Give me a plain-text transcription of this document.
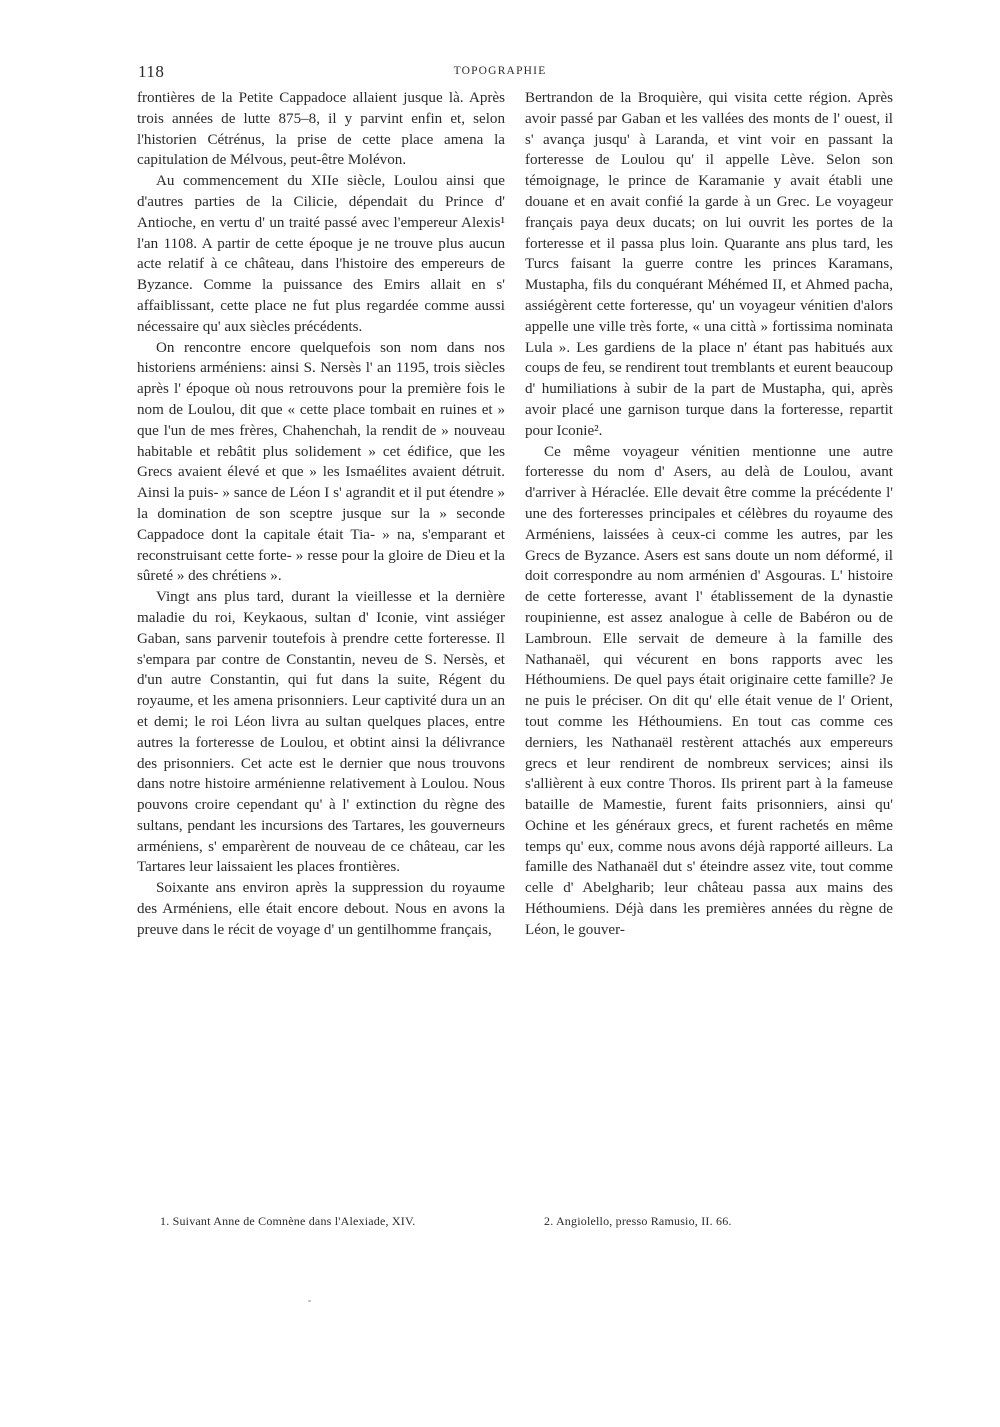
118	TOPOGRAPHIE

frontières de la Petite Cappadoce allaient jusque là. Après trois années de lutte 875–8, il y parvint enfin et, selon l'historien Cétrénus, la prise de cette place amena la capitulation de Mélvous, peut-être Molévon.

Au commencement du XIIe siècle, Loulou ainsi que d'autres parties de la Cilicie, dépendait du Prince d' Antioche, en vertu d' un traité passé avec l'empereur Alexis¹ l'an 1108. A partir de cette époque je ne trouve plus aucun acte relatif à ce château, dans l'histoire des empereurs de Byzance. Comme la puissance des Emirs allait en s' affaiblissant, cette place ne fut plus regardée comme aussi nécessaire qu' aux siècles précédents.

On rencontre encore quelquefois son nom dans nos historiens arméniens: ainsi S. Nersès l' an 1195, trois siècles après l' époque où nous retrouvons pour la première fois le nom de Loulou, dit que « cette place tombait en ruines et » que l'un de mes frères, Chahenchah, la rendit de » nouveau habitable et rebâtit plus solidement » cet édifice, que les Grecs avaient élevé et que » les Ismaélites avaient détruit. Ainsi la puis- » sance de Léon I s' agrandit et il put étendre » la domination de son sceptre jusque sur la » seconde Cappadoce dont la capitale était Tia- » na, s'emparant et reconstruisant cette forte- » resse pour la gloire de Dieu et la sûreté » des chrétiens ».

Vingt ans plus tard, durant la vieillesse et la dernière maladie du roi, Keykaous, sultan d' Iconie, vint assiéger Gaban, sans parvenir toutefois à prendre cette forteresse. Il s'empara par contre de Constantin, neveu de S. Nersès, et d'un autre Constantin, qui fut dans la suite, Régent du royaume, et les amena prisonniers. Leur captivité dura un an et demi; le roi Léon livra au sultan quelques places, entre autres la forteresse de Loulou, et obtint ainsi la délivrance des prisonniers. Cet acte est le dernier que nous trouvons dans notre histoire arménienne relativement à Loulou. Nous pouvons croire cependant qu' à l' extinction du règne des sultans, pendant les incursions des Tartares, les gouverneurs arméniens, s' emparèrent de nouveau de ce château, car les Tartares leur laissaient les places frontières.

Soixante ans environ après la suppression du royaume des Arméniens, elle était encore debout. Nous en avons la preuve dans le récit de voyage d' un gentilhomme français,

Bertrandon de la Broquière, qui visita cette région. Après avoir passé par Gaban et les vallées des monts de l' ouest, il s' avança jusqu' à Laranda, et vint voir en passant la forteresse de Loulou qu' il appelle Lève. Selon son témoignage, le prince de Karamanie y avait établi une douane et en avait confié la garde à un Grec. Le voyageur français paya deux ducats; on lui ouvrit les portes de la forteresse et il passa plus loin. Quarante ans plus tard, les Turcs faisant la guerre contre les princes Karamans, Mustapha, fils du conquérant Méhémed II, et Ahmed pacha, assiégèrent cette forteresse, qu' un voyageur vénitien d'alors appelle une ville très forte, « una città » fortissima nominata Lula ». Les gardiens de la place n' étant pas habitués aux coups de feu, se rendirent tout tremblants et eurent beaucoup d' humiliations à subir de la part de Mustapha, qui, après avoir placé une garnison turque dans la forteresse, repartit pour Iconie².

Ce même voyageur vénitien mentionne une autre forteresse du nom d' Asers, au delà de Loulou, avant d'arriver à Héraclée. Elle devait être comme la précédente l' une des forteresses principales et célèbres du royaume des Arméniens, laissées à ceux-ci comme les autres, par les Grecs de Byzance. Asers est sans doute un nom déformé, il doit correspondre au nom arménien d' Asgouras. L' histoire de cette forteresse, avant l' établissement de la dynastie roupinienne, est assez analogue à celle de Babéron ou de Lambroun. Elle servait de demeure à la famille des Nathanaël, qui vécurent en bons rapports avec les Héthoumiens. De quel pays était originaire cette famille? Je ne puis le préciser. On dit qu' elle était venue de l' Orient, tout comme les Héthoumiens. En tout cas comme ces derniers, les Nathanaël restèrent attachés aux empereurs grecs et leur rendirent de nombreux services; ainsi ils s'allièrent à eux contre Thoros. Ils prirent part à la fameuse bataille de Mamestie, furent faits prisonniers, ainsi qu' Ochine et les généraux grecs, et furent rachetés en même temps qu' eux, comme nous avons déjà rapporté ailleurs. La famille des Nathanaël dut s' éteindre assez vite, tout comme celle d' Abelgharib; leur château passa aux mains des Héthoumiens. Déjà dans les premières années du règne de Léon, le gouver-

1. Suivant Anne de Comnène dans l'Alexiade, XIV.	2. Angiolello, presso Ramusio, II. 66.
